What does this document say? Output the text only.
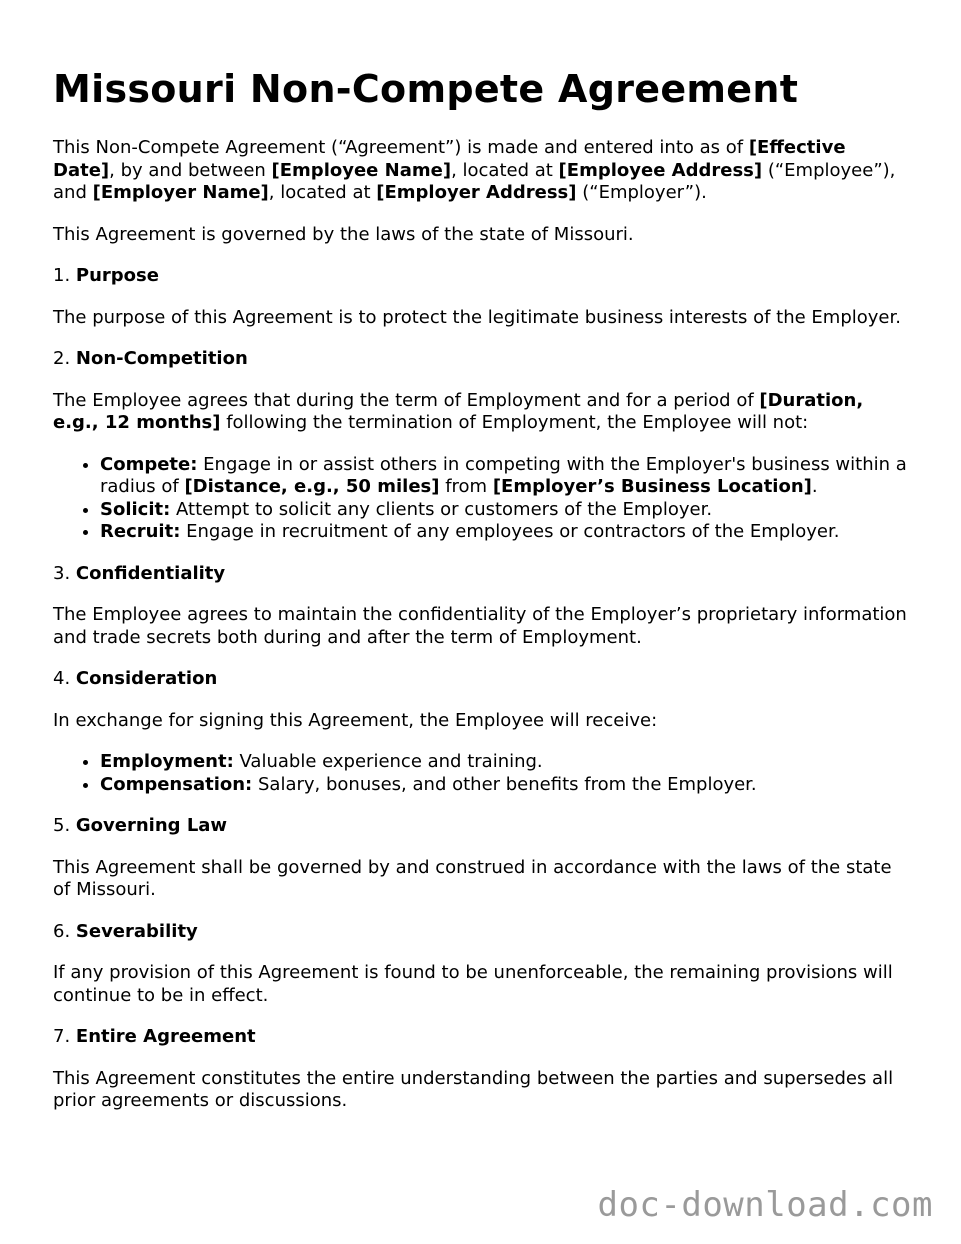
Missouri Non-Compete Agreement

This Non-Compete Agreement (“Agreement”) is made and entered into as of [Effective Date], by and between [Employee Name], located at [Employee Address] (“Employee”), and [Employer Name], located at [Employer Address] (“Employer”).

This Agreement is governed by the laws of the state of Missouri.

1. Purpose

The purpose of this Agreement is to protect the legitimate business interests of the Employer.

2. Non-Competition

The Employee agrees that during the term of Employment and for a period of [Duration, e.g., 12 months] following the termination of Employment, the Employee will not:

• Compete: Engage in or assist others in competing with the Employer's business within a radius of [Distance, e.g., 50 miles] from [Employer’s Business Location].
• Solicit: Attempt to solicit any clients or customers of the Employer.
• Recruit: Engage in recruitment of any employees or contractors of the Employer.
3. Confidentiality

The Employee agrees to maintain the confidentiality of the Employer’s proprietary information and trade secrets both during and after the term of Employment.

4. Consideration

In exchange for signing this Agreement, the Employee will receive:

• Employment: Valuable experience and training.
• Compensation: Salary, bonuses, and other benefits from the Employer.
5. Governing Law

This Agreement shall be governed by and construed in accordance with the laws of the state of Missouri.

6. Severability

If any provision of this Agreement is found to be unenforceable, the remaining provisions will continue to be in effect.

7. Entire Agreement

This Agreement constitutes the entire understanding between the parties and supersedes all prior agreements or discussions.

doc-download.com
